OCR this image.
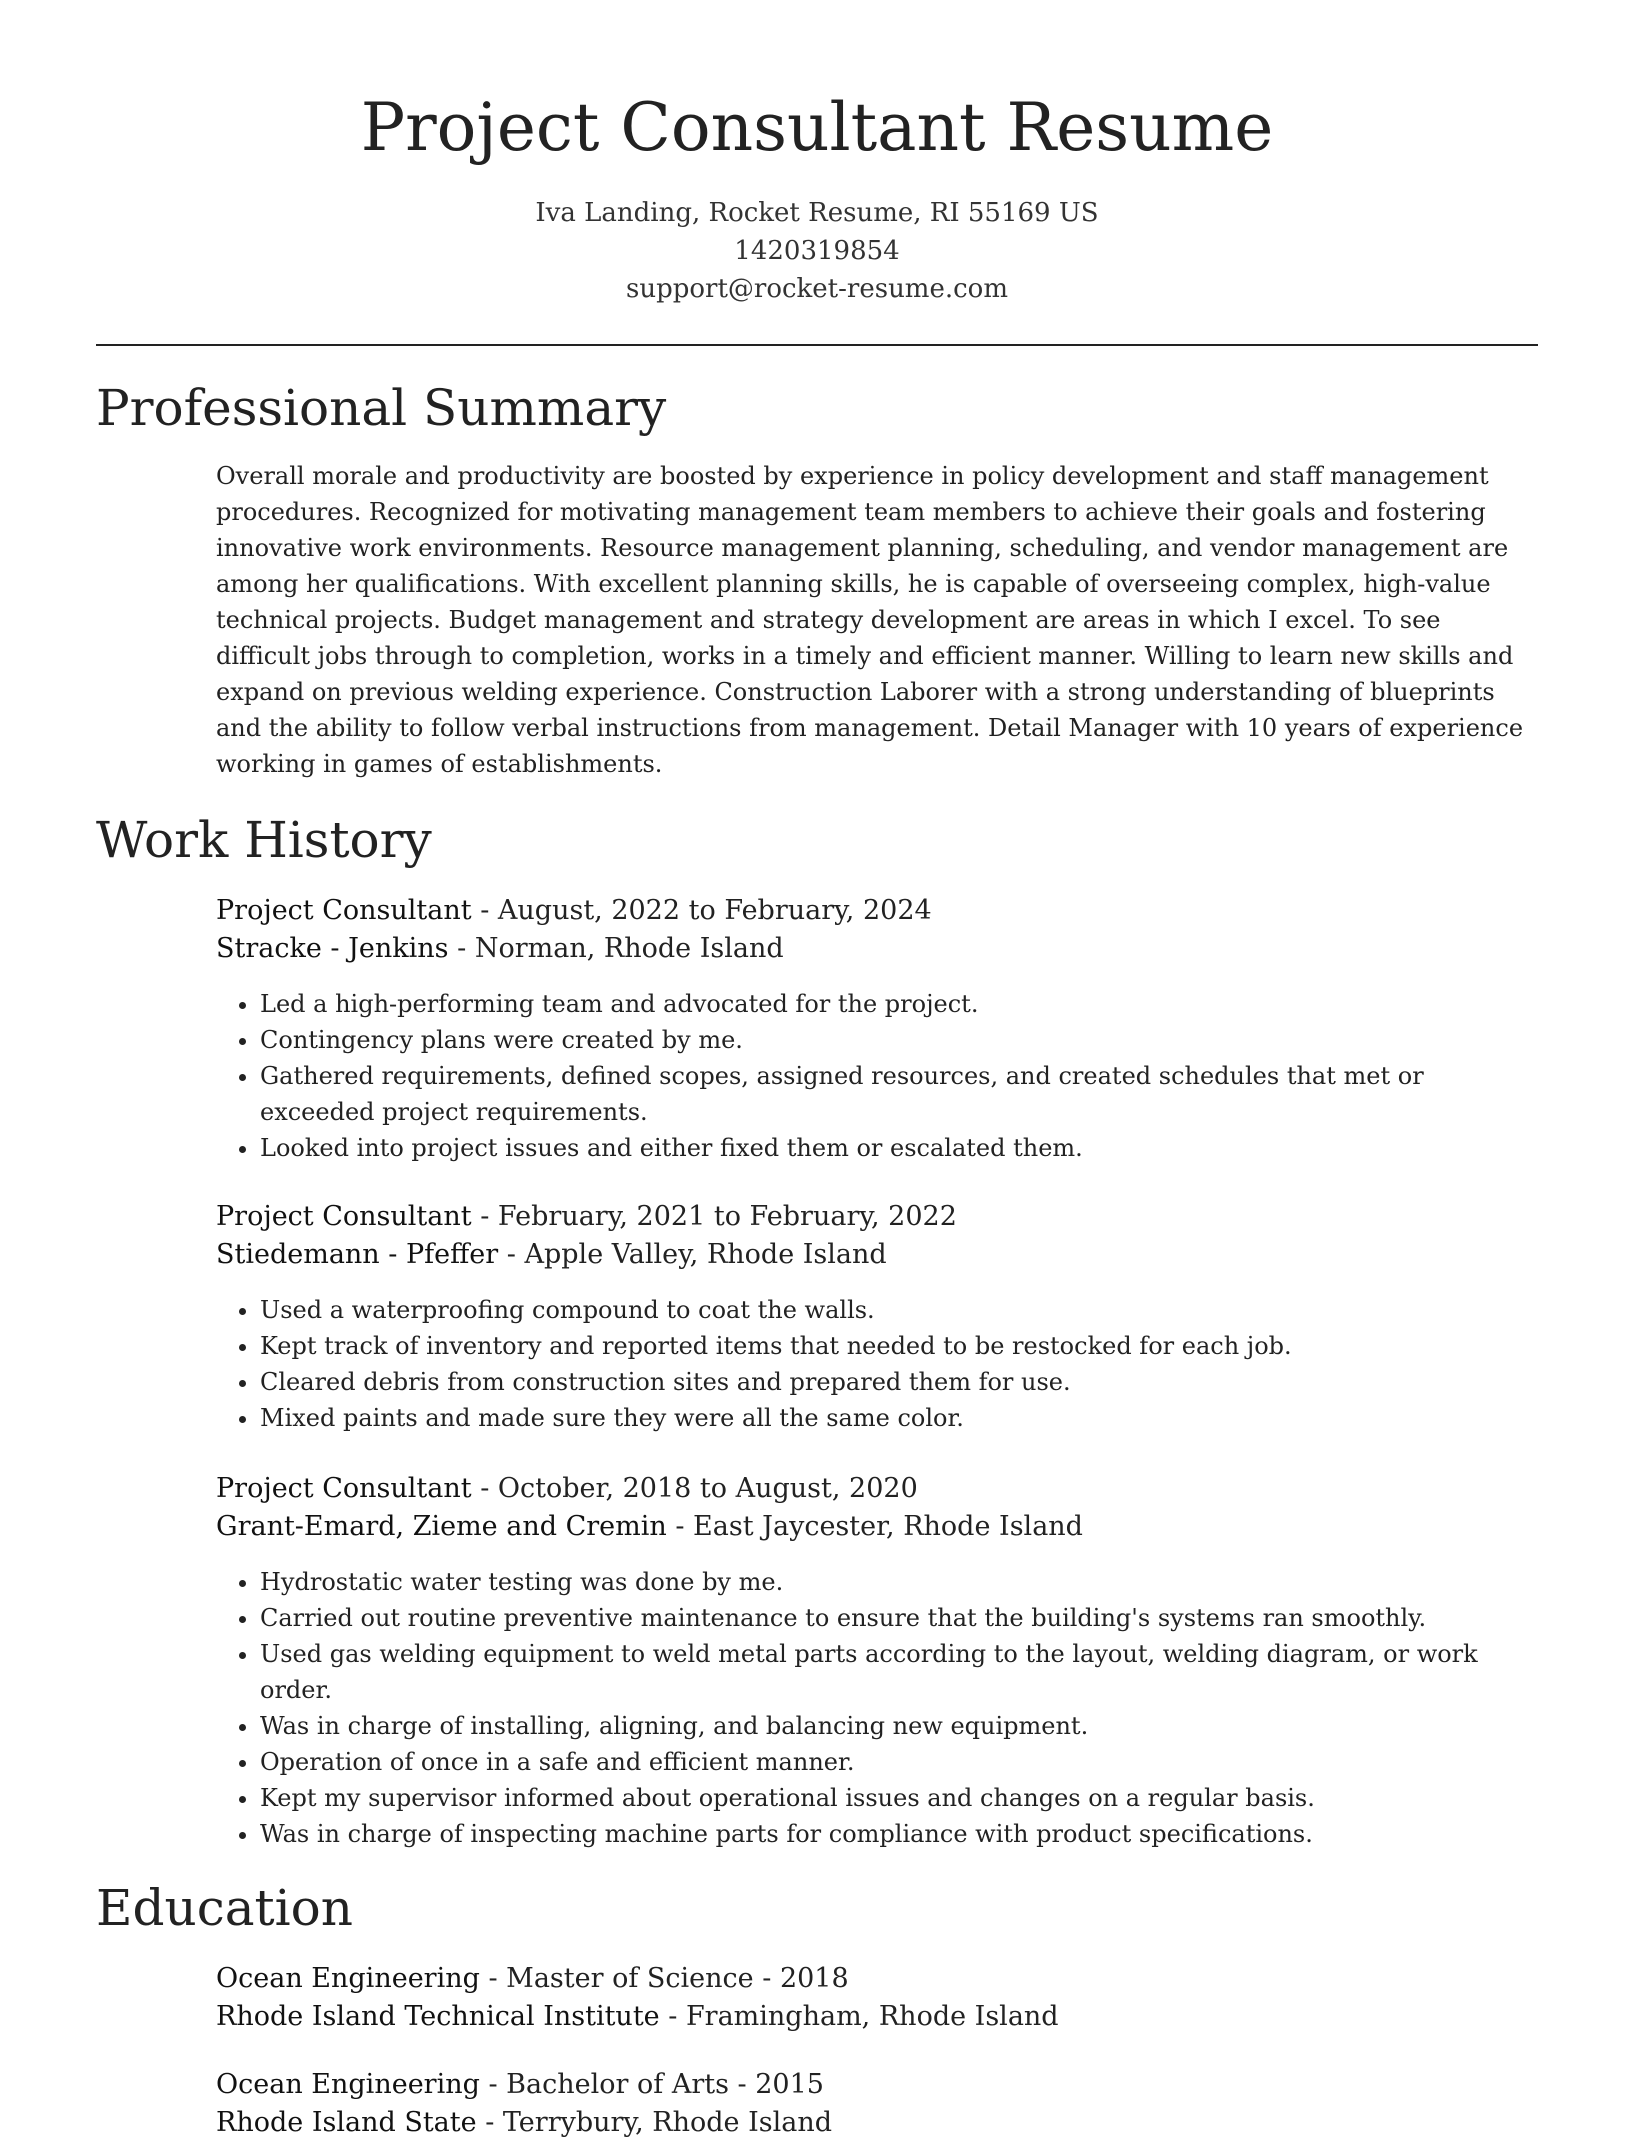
Project Consultant Resume
Iva Landing, Rocket Resume, RI 55169 US
1420319854
support@rocket-resume.com
Professional Summary

Overall morale and productivity are boosted by experience in policy development and staff management procedures. Recognized for motivating management team members to achieve their goals and fostering innovative work environments. Resource management planning, scheduling, and vendor management are among her qualifications. With excellent planning skills, he is capable of overseeing complex, high-value technical projects. Budget management and strategy development are areas in which I excel. To see difficult jobs through to completion, works in a timely and efficient manner. Willing to learn new skills and expand on previous welding experience. Construction Laborer with a strong understanding of blueprints and the ability to follow verbal instructions from management. Detail Manager with 10 years of experience working in games of establishments.

Work History
Project Consultant - August, 2022 to February, 2024
Stracke - Jenkins - Norman, Rhode Island
• Led a high-performing team and advocated for the project.
• Contingency plans were created by me.
• Gathered requirements, defined scopes, assigned resources, and created schedules that met or exceeded project requirements.
• Looked into project issues and either fixed them or escalated them.
Project Consultant - February, 2021 to February, 2022
Stiedemann - Pfeffer - Apple Valley, Rhode Island
• Used a waterproofing compound to coat the walls.
• Kept track of inventory and reported items that needed to be restocked for each job.
• Cleared debris from construction sites and prepared them for use.
• Mixed paints and made sure they were all the same color.
Project Consultant - October, 2018 to August, 2020
Grant-Emard, Zieme and Cremin - East Jaycester, Rhode Island
• Hydrostatic water testing was done by me.
• Carried out routine preventive maintenance to ensure that the building's systems ran smoothly.
• Used gas welding equipment to weld metal parts according to the layout, welding diagram, or work order.
• Was in charge of installing, aligning, and balancing new equipment.
• Operation of once in a safe and efficient manner.
• Kept my supervisor informed about operational issues and changes on a regular basis.
• Was in charge of inspecting machine parts for compliance with product specifications.
Education
Ocean Engineering - Master of Science - 2018
Rhode Island Technical Institute - Framingham, Rhode Island
Ocean Engineering - Bachelor of Arts - 2015
Rhode Island State - Terrybury, Rhode Island
